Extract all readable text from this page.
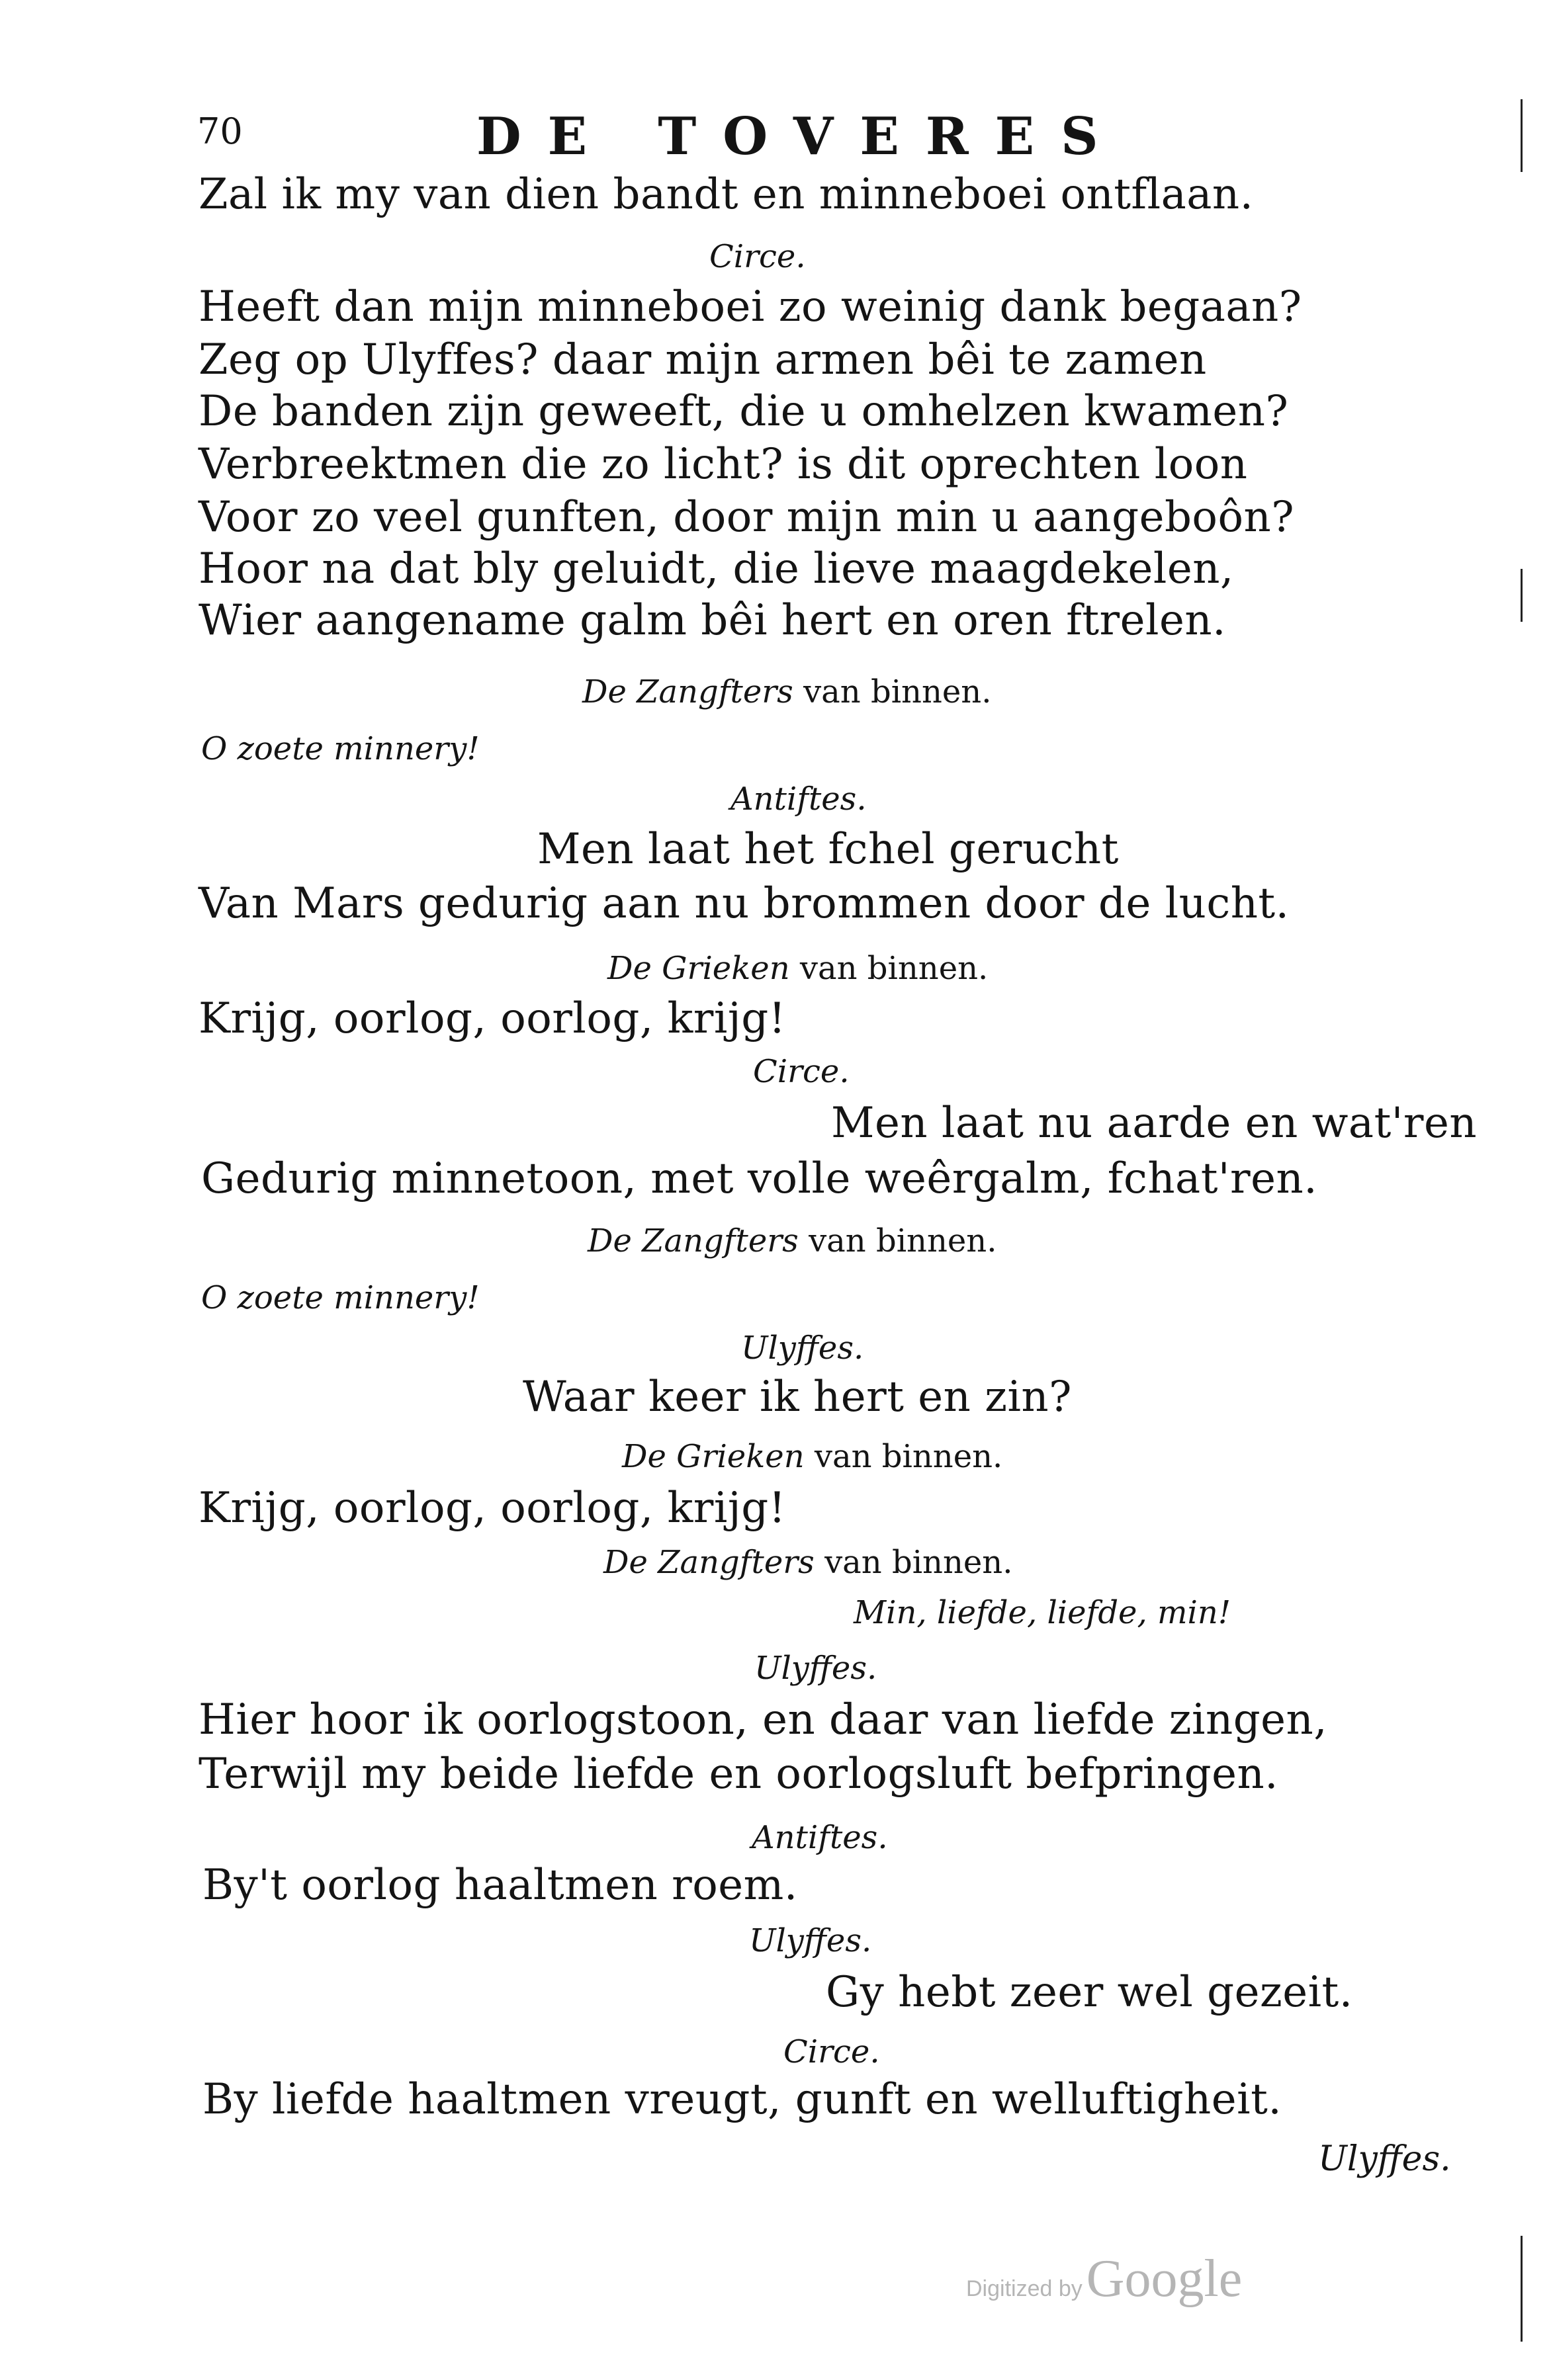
70	DE TOVERES
Zal ik my van dien bandt en minneboei ontflaan.
Circe.
Heeft dan mijn minneboei zo weinig dank begaan?
Zeg op Ulyffes? daar mijn armen bêi te zamen
De banden zijn geweeft, die u omhelzen kwamen?
Verbreektmen die zo licht? is dit oprechten loon
Voor zo veel gunften, door mijn min u aangeboôn?
Hoor na dat bly geluidt, die lieve maagdekelen,
Wier aangename galm bêi hert en oren ftrelen.
De Zangfters van binnen.
O zoete minnery!
Antiftes.
Men laat het fchel gerucht
Van Mars gedurig aan nu brommen door de lucht.
De Grieken van binnen.
Krijg, oorlog, oorlog, krijg!
Circe.
Men laat nu aarde en wat'ren
Gedurig minnetoon, met volle weêrgalm, fchat'ren.
De Zangfters van binnen.
O zoete minnery!
Ulyffes.
Waar keer ik hert en zin?
De Grieken van binnen.
Krijg, oorlog, oorlog, krijg!
De Zangfters van binnen.
Min, liefde, liefde, min!
Ulyffes.
Hier hoor ik oorlogstoon, en daar van liefde zingen,
Terwijl my beide liefde en oorlogsluft befpringen.
Antiftes.
By't oorlog haaltmen roem.
Ulyffes.
Gy hebt zeer wel gezeit.
Circe.
By liefde haaltmen vreugt, gunft en welluftigheit.
Ulyffes.
Digitized byGoogle
